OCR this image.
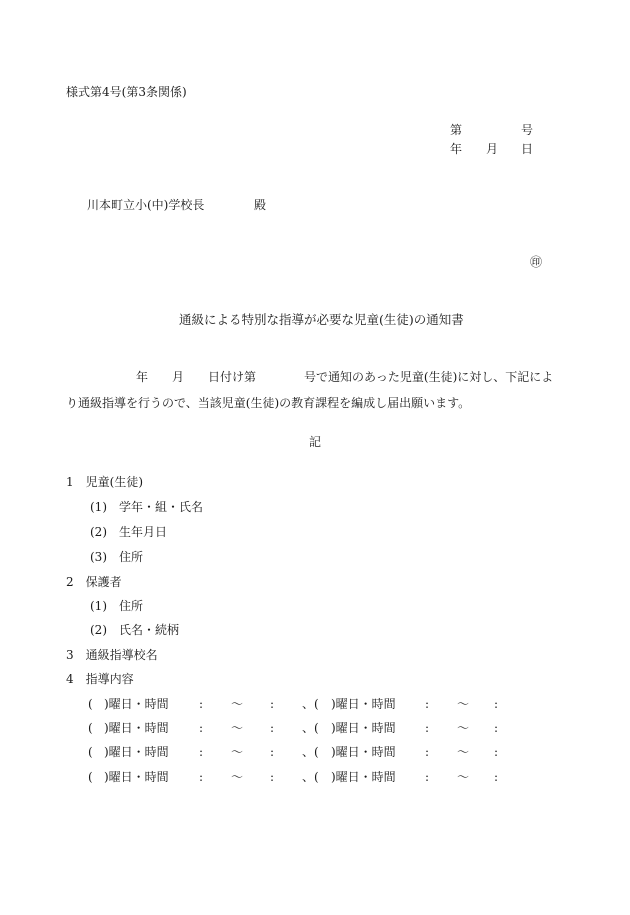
様式第4号(第3条関係)
第	号
年 月 日
川本町立小(中)学校長	殿
㊞
通級による特別な指導が必要な児童(生徒)の通知書
年 月 日付け第	号で通知のあった児童(生徒)に対し、下記によ
り通級指導を行うので、当該児童(生徒)の教育課程を編成し届出願います。
記
1　児童(生徒)
(1)　学年・組・氏名
(2)　生年月日
(3)　住所
2　保護者
(1)　住所
(2)　氏名・続柄
3　通級指導校名
4　指導内容
( )曜日・時間	: ～ : 、( )曜日・時間 : ～ :
( )曜日・時間	: ～ : 、( )曜日・時間 : ～ :
( )曜日・時間	: ～ : 、( )曜日・時間 : ～ :
( )曜日・時間	: ～ : 、( )曜日・時間 : ～ :
